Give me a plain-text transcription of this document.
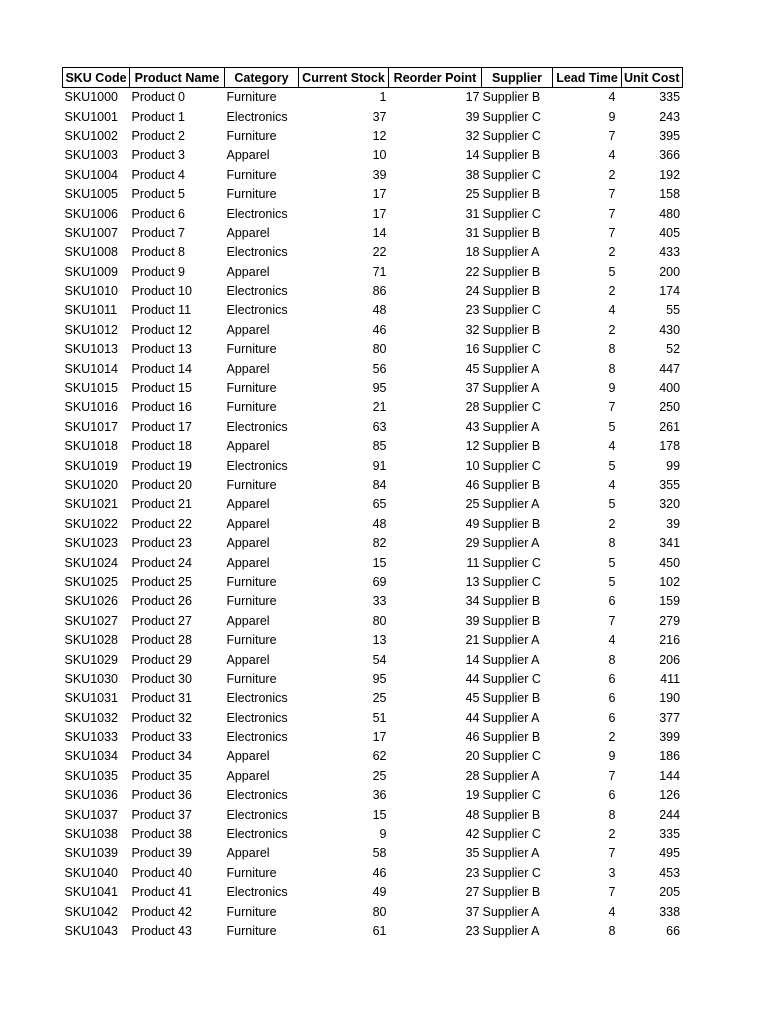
SKU Code	Product Name	Category	Current Stock	Reorder Point	Supplier	Lead Time	Unit Cost
SKU1000	Product 0	Furniture	1	17	Supplier B	4	335
SKU1001	Product 1	Electronics	37	39	Supplier C	9	243
SKU1002	Product 2	Furniture	12	32	Supplier C	7	395
SKU1003	Product 3	Apparel	10	14	Supplier B	4	366
SKU1004	Product 4	Furniture	39	38	Supplier C	2	192
SKU1005	Product 5	Furniture	17	25	Supplier B	7	158
SKU1006	Product 6	Electronics	17	31	Supplier C	7	480
SKU1007	Product 7	Apparel	14	31	Supplier B	7	405
SKU1008	Product 8	Electronics	22	18	Supplier A	2	433
SKU1009	Product 9	Apparel	71	22	Supplier B	5	200
SKU1010	Product 10	Electronics	86	24	Supplier B	2	174
SKU1011	Product 11	Electronics	48	23	Supplier C	4	55
SKU1012	Product 12	Apparel	46	32	Supplier B	2	430
SKU1013	Product 13	Furniture	80	16	Supplier C	8	52
SKU1014	Product 14	Apparel	56	45	Supplier A	8	447
SKU1015	Product 15	Furniture	95	37	Supplier A	9	400
SKU1016	Product 16	Furniture	21	28	Supplier C	7	250
SKU1017	Product 17	Electronics	63	43	Supplier A	5	261
SKU1018	Product 18	Apparel	85	12	Supplier B	4	178
SKU1019	Product 19	Electronics	91	10	Supplier C	5	99
SKU1020	Product 20	Furniture	84	46	Supplier B	4	355
SKU1021	Product 21	Apparel	65	25	Supplier A	5	320
SKU1022	Product 22	Apparel	48	49	Supplier B	2	39
SKU1023	Product 23	Apparel	82	29	Supplier A	8	341
SKU1024	Product 24	Apparel	15	11	Supplier C	5	450
SKU1025	Product 25	Furniture	69	13	Supplier C	5	102
SKU1026	Product 26	Furniture	33	34	Supplier B	6	159
SKU1027	Product 27	Apparel	80	39	Supplier B	7	279
SKU1028	Product 28	Furniture	13	21	Supplier A	4	216
SKU1029	Product 29	Apparel	54	14	Supplier A	8	206
SKU1030	Product 30	Furniture	95	44	Supplier C	6	411
SKU1031	Product 31	Electronics	25	45	Supplier B	6	190
SKU1032	Product 32	Electronics	51	44	Supplier A	6	377
SKU1033	Product 33	Electronics	17	46	Supplier B	2	399
SKU1034	Product 34	Apparel	62	20	Supplier C	9	186
SKU1035	Product 35	Apparel	25	28	Supplier A	7	144
SKU1036	Product 36	Electronics	36	19	Supplier C	6	126
SKU1037	Product 37	Electronics	15	48	Supplier B	8	244
SKU1038	Product 38	Electronics	9	42	Supplier C	2	335
SKU1039	Product 39	Apparel	58	35	Supplier A	7	495
SKU1040	Product 40	Furniture	46	23	Supplier C	3	453
SKU1041	Product 41	Electronics	49	27	Supplier B	7	205
SKU1042	Product 42	Furniture	80	37	Supplier A	4	338
SKU1043	Product 43	Furniture	61	23	Supplier A	8	66
